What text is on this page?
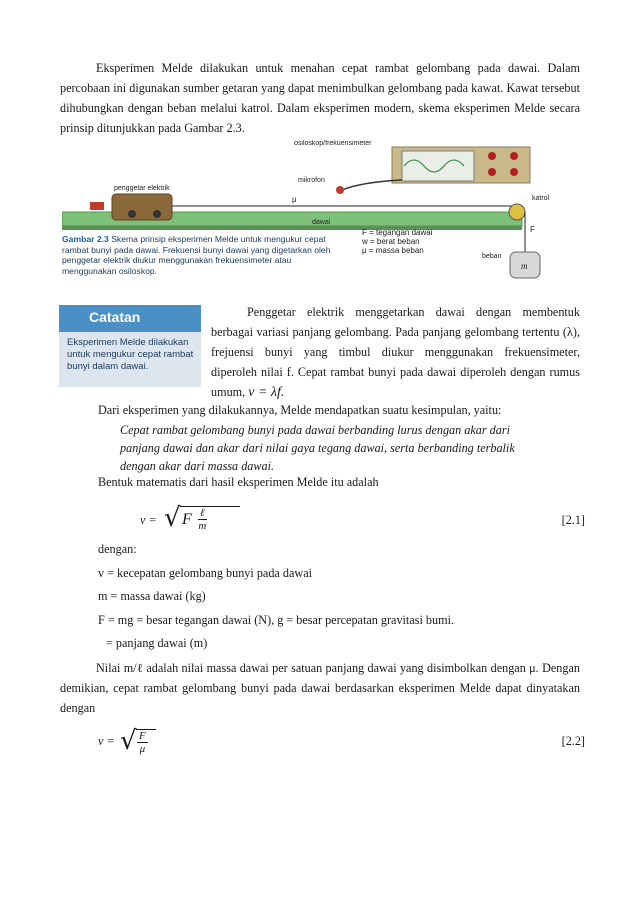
Eksperimen Melde dilakukan untuk menahan cepat rambat gelombang pada dawai. Dalam percobaan ini digunakan sumber getaran yang dapat menimbulkan gelombang pada kawat. Kawat tersebut dihubungkan dengan beban melalui katrol. Dalam eksperimen modern, skema eksperimen Melde secara prinsip ditunjukkan pada Gambar 2.3.
F = tegangan dawai
w = berat beban
μ = massa beban
osiloskop/frekuensimeter
mikrofon
penggetar elektrik
μ
dawai
katrol
F
beban
m
Gambar 2.3 Skema prinsip eksperimen Melde untuk mengukur cepat rambat bunyi pada dawai. Frekuensi bunyi dawai yang digetarkan oleh penggetar elektrik diukur menggunakan frekuensimeter atau menggunakan osiloskop.
Catatan
Eksperimen Melde dilakukan untuk mengukur cepat rambat bunyi dalam dawai.
Penggetar elektrik menggetarkan dawai dengan membentuk berbagai variasi panjang gelombang. Pada panjang gelombang tertentu (λ), frejuensi bunyi yang timbul diukur menggunakan frekuensimeter, diperoleh nilai f. Cepat rambat bunyi pada dawai diperoleh dengan rumus umum, v = λf.
Dari eksperimen yang dilakukannya, Melde mendapatkan suatu kesimpulan, yaitu:
Cepat rambat gelombang bunyi pada dawai berbanding lurus dengan akar dari panjang dawai dan akar dari nilai gaya tegang dawai, serta berbanding terbalik dengan akar dari massa dawai.
Bentuk matematis dari hasil eksperimen Melde itu adalah
v = √ F ℓ
m	[2.1]
dengan:
v = kecepatan gelombang bunyi pada dawai
m = massa dawai (kg)
F = mg = besar tegangan dawai (N), g = besar percepatan gravitasi bumi.
= panjang dawai (m)
Nilai m/ℓ adalah nilai massa dawai per satuan panjang dawai yang disimbolkan dengan μ. Dengan demikian, cepat rambat gelombang bunyi pada dawai berdasarkan eksperimen Melde dapat dinyatakan dengan
v = √ $\frac{F}{\mu}$	[2.2]
